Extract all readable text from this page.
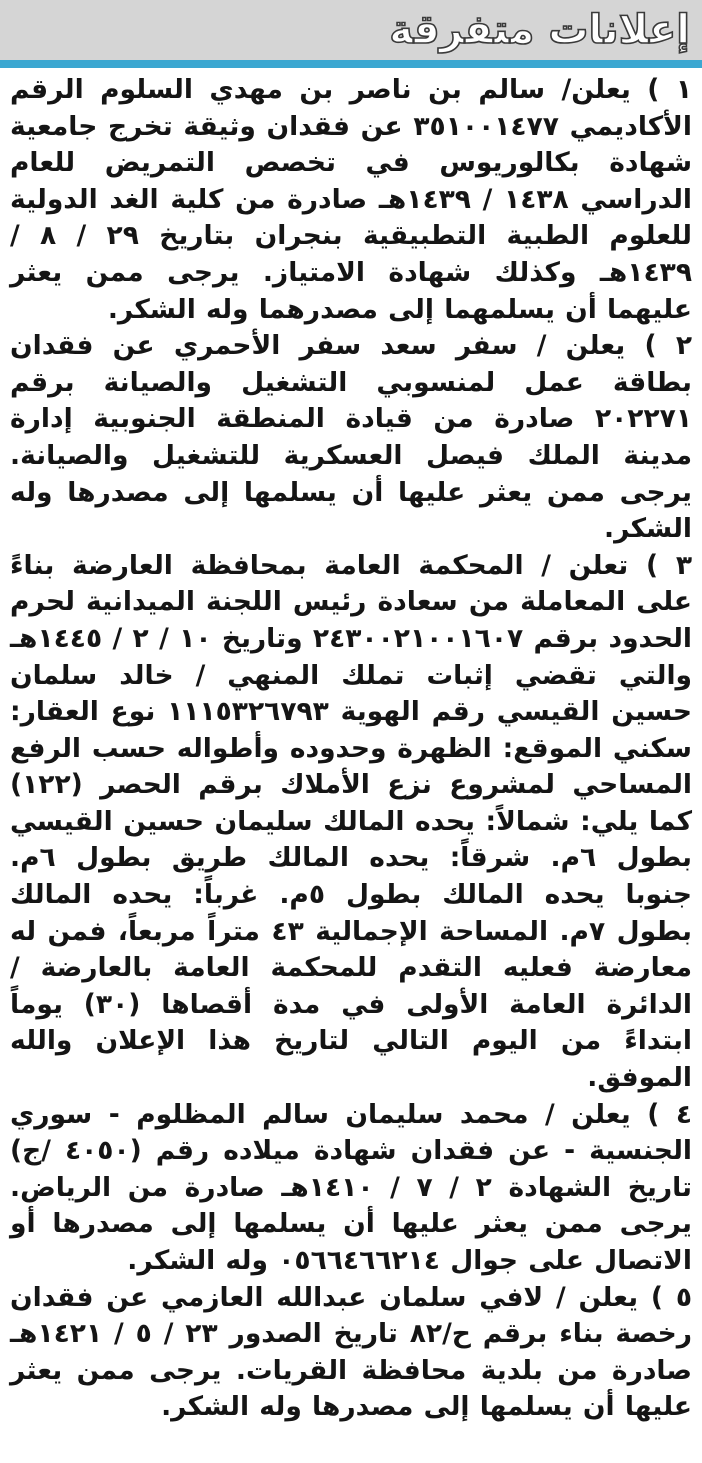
إعلانات متفرقة

١ ) يعلن/ سالم بن ناصر بن مهدي السلوم الرقم الأكاديمي ٣٥١٠٠١٤٧٧ عن فقدان وثيقة تخرج جامعية شهادة بكالوريوس في تخصص التمريض للعام الدراسي ١٤٣٨ / ١٤٣٩هـ صادرة من كلية الغد الدولية للعلوم الطبية التطبيقية بنجران بتاريخ ٢٩ / ٨ / ١٤٣٩هـ وكذلك شهادة الامتياز. يرجى ممن يعثر عليهما أن يسلمهما إلى مصدرهما وله الشكر.

٢ ) يعلن / سفر سعد سفر الأحمري عن فقدان بطاقة عمل لمنسوبي التشغيل والصيانة برقم ٢٠٢٢٧١ صادرة من قيادة المنطقة الجنوبية إدارة مدينة الملك فيصل العسكرية للتشغيل والصيانة. يرجى ممن يعثر عليها أن يسلمها إلى مصدرها وله الشكر.

٣ ) تعلن / المحكمة العامة بمحافظة العارضة بناءً على المعاملة من سعادة رئيس اللجنة الميدانية لحرم الحدود برقم ٢٤٣٠٠٢١٠٠١٦٠٧ وتاريخ ١٠ / ٢ / ١٤٤٥هـ والتي تقضي إثبات تملك المنهي / خالد سلمان حسين القيسي رقم الهوية ١١١٥٣٢٦٧٩٣ نوع العقار: سكني الموقع: الظهرة وحدوده وأطواله حسب الرفع المساحي لمشروع نزع الأملاك برقم الحصر (١٢٢) كما يلي: شمالاً: يحده المالك سليمان حسين القيسي بطول ٦م. شرقاً: يحده المالك طريق بطول ٦م. جنوبا يحده المالك بطول ٥م. غرباً: يحده المالك بطول ٧م. المساحة الإجمالية ٤٣ متراً مربعاً، فمن له معارضة فعليه التقدم للمحكمة العامة بالعارضة / الدائرة العامة الأولى في مدة أقصاها (٣٠) يوماً ابتداءً من اليوم التالي لتاريخ هذا الإعلان والله الموفق.

٤ ) يعلن / محمد سليمان سالم المظلوم - سوري الجنسية - عن فقدان شهادة ميلاده رقم (٤٠٥٠ /ج) تاريخ الشهادة ٢ / ٧ / ١٤١٠هـ صادرة من الرياض. يرجى ممن يعثر عليها أن يسلمها إلى مصدرها أو الاتصال على جوال ٠٥٦٦٤٦٦٢١٤ وله الشكر.

٥ ) يعلن / لافي سلمان عبدالله العازمي عن فقدان رخصة بناء برقم ح/٨٢ تاريخ الصدور ٢٣ / ٥ / ١٤٢١هـ صادرة من بلدية محافظة القريات. يرجى ممن يعثر عليها أن يسلمها إلى مصدرها وله الشكر.
